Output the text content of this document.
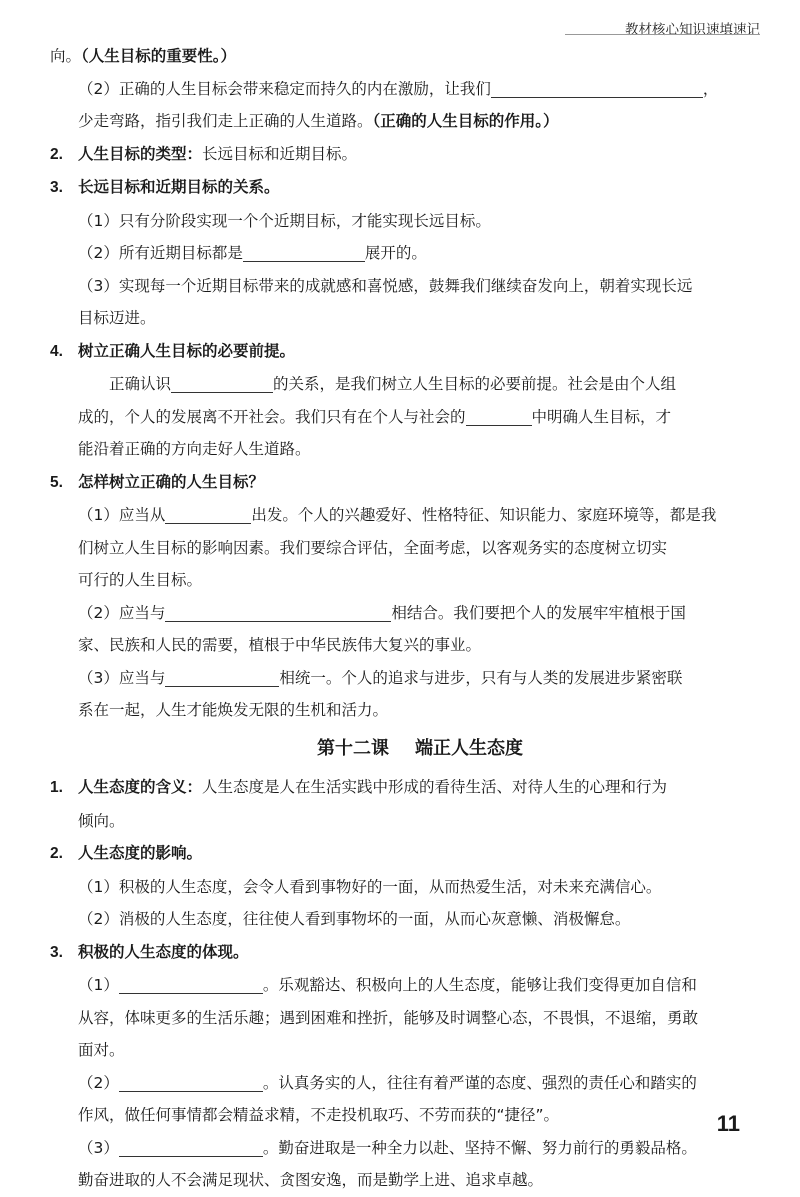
教材核心知识速填速记

向。（人生目标的重要性。）

（2）正确的人生目标会带来稳定而持久的内在激励，让我们	，

少走弯路，指引我们走上正确的人生道路。（正确的人生目标的作用。）

2. 人生目标的类型：长远目标和近期目标。

3. 长远目标和近期目标的关系。

（1）只有分阶段实现一个个近期目标，才能实现长远目标。

（2）所有近期目标都是	展开的。

（3）实现每一个近期目标带来的成就感和喜悦感，鼓舞我们继续奋发向上，朝着实现长远

目标迈进。

4. 树立正确人生目标的必要前提。

正确认识	的关系，是我们树立人生目标的必要前提。社会是由个人组

成的，个人的发展离不开社会。我们只有在个人与社会的	中明确人生目标，才

能沿着正确的方向走好人生道路。

5. 怎样树立正确的人生目标？

（1）应当从	出发。个人的兴趣爱好、性格特征、知识能力、家庭环境等，都是我

们树立人生目标的影响因素。我们要综合评估，全面考虑，以客观务实的态度树立切实

可行的人生目标。

（2）应当与	相结合。我们要把个人的发展牢牢植根于国

家、民族和人民的需要，植根于中华民族伟大复兴的事业。

（3）应当与	相统一。个人的追求与进步，只有与人类的发展进步紧密联

系在一起，人生才能焕发无限的生机和活力。

第十二课 端正人生态度

1. 人生态度的含义：人生态度是人在生活实践中形成的看待生活、对待人生的心理和行为

倾向。

2. 人生态度的影响。

（1）积极的人生态度，会令人看到事物好的一面，从而热爱生活，对未来充满信心。

（2）消极的人生态度，往往使人看到事物坏的一面，从而心灰意懒、消极懈怠。

3. 积极的人生态度的体现。

（1）	。乐观豁达、积极向上的人生态度，能够让我们变得更加自信和

从容，体味更多的生活乐趣；遇到困难和挫折，能够及时调整心态，不畏惧，不退缩，勇敢

面对。

（2）	。认真务实的人，往往有着严谨的态度、强烈的责任心和踏实的

作风，做任何事情都会精益求精，不走投机取巧、不劳而获的“捷径”。

（3）	。勤奋进取是一种全力以赴、坚持不懈、努力前行的勇毅品格。

勤奋进取的人不会满足现状、贪图安逸，而是勤学上进、追求卓越。

11
